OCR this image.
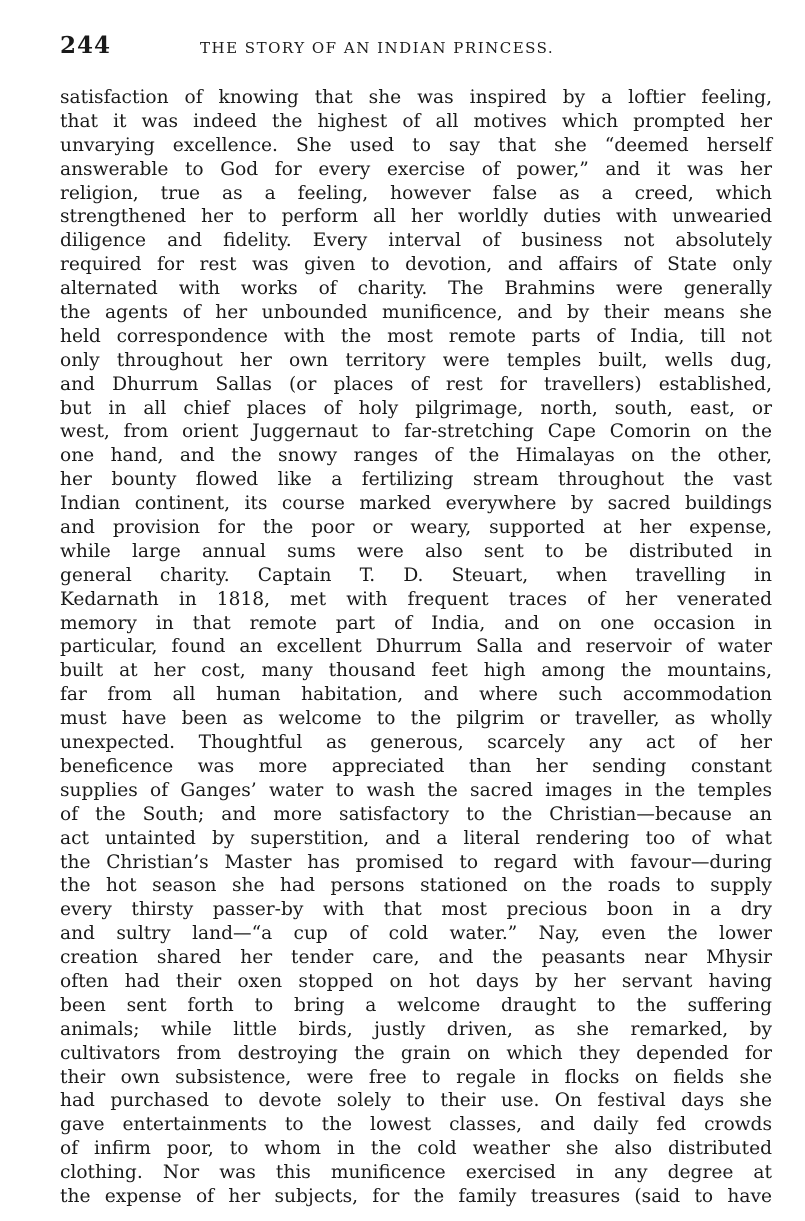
244	THE STORY OF AN INDIAN PRINCESS.
satisfaction of knowing that she was inspired by a loftier feeling,
that it was indeed the highest of all motives which prompted her
unvarying excellence. She used to say that she “deemed herself
answerable to God for every exercise of power,” and it was her
religion, true as a feeling, however false as a creed, which
strengthened her to perform all her worldly duties with unwearied
diligence and fidelity. Every interval of business not absolutely
required for rest was given to devotion, and affairs of State only
alternated with works of charity. The Brahmins were generally
the agents of her unbounded munificence, and by their means she
held correspondence with the most remote parts of India, till not
only throughout her own territory were temples built, wells dug,
and Dhurrum Sallas (or places of rest for travellers) established,
but in all chief places of holy pilgrimage, north, south, east, or
west, from orient Juggernaut to far-stretching Cape Comorin on the
one hand, and the snowy ranges of the Himalayas on the other,
her bounty flowed like a fertilizing stream throughout the vast
Indian continent, its course marked everywhere by sacred buildings
and provision for the poor or weary, supported at her expense,
while large annual sums were also sent to be distributed in
general charity. Captain T. D. Steuart, when travelling in
Kedarnath in 1818, met with frequent traces of her venerated
memory in that remote part of India, and on one occasion in
particular, found an excellent Dhurrum Salla and reservoir of water
built at her cost, many thousand feet high among the mountains,
far from all human habitation, and where such accommodation
must have been as welcome to the pilgrim or traveller, as wholly
unexpected. Thoughtful as generous, scarcely any act of her
beneficence was more appreciated than her sending constant
supplies of Ganges’ water to wash the sacred images in the temples
of the South; and more satisfactory to the Christian—because an
act untainted by superstition, and a literal rendering too of what
the Christian’s Master has promised to regard with favour—during
the hot season she had persons stationed on the roads to supply
every thirsty passer-by with that most precious boon in a dry
and sultry land—“a cup of cold water.” Nay, even the lower
creation shared her tender care, and the peasants near Mhysir
often had their oxen stopped on hot days by her servant having
been sent forth to bring a welcome draught to the suffering
animals; while little birds, justly driven, as she remarked, by
cultivators from destroying the grain on which they depended for
their own subsistence, were free to regale in flocks on fields she
had purchased to devote solely to their use. On festival days she
gave entertainments to the lowest classes, and daily fed crowds
of infirm poor, to whom in the cold weather she also distributed
clothing. Nor was this munificence exercised in any degree at
the expense of her subjects, for the family treasures (said to have
